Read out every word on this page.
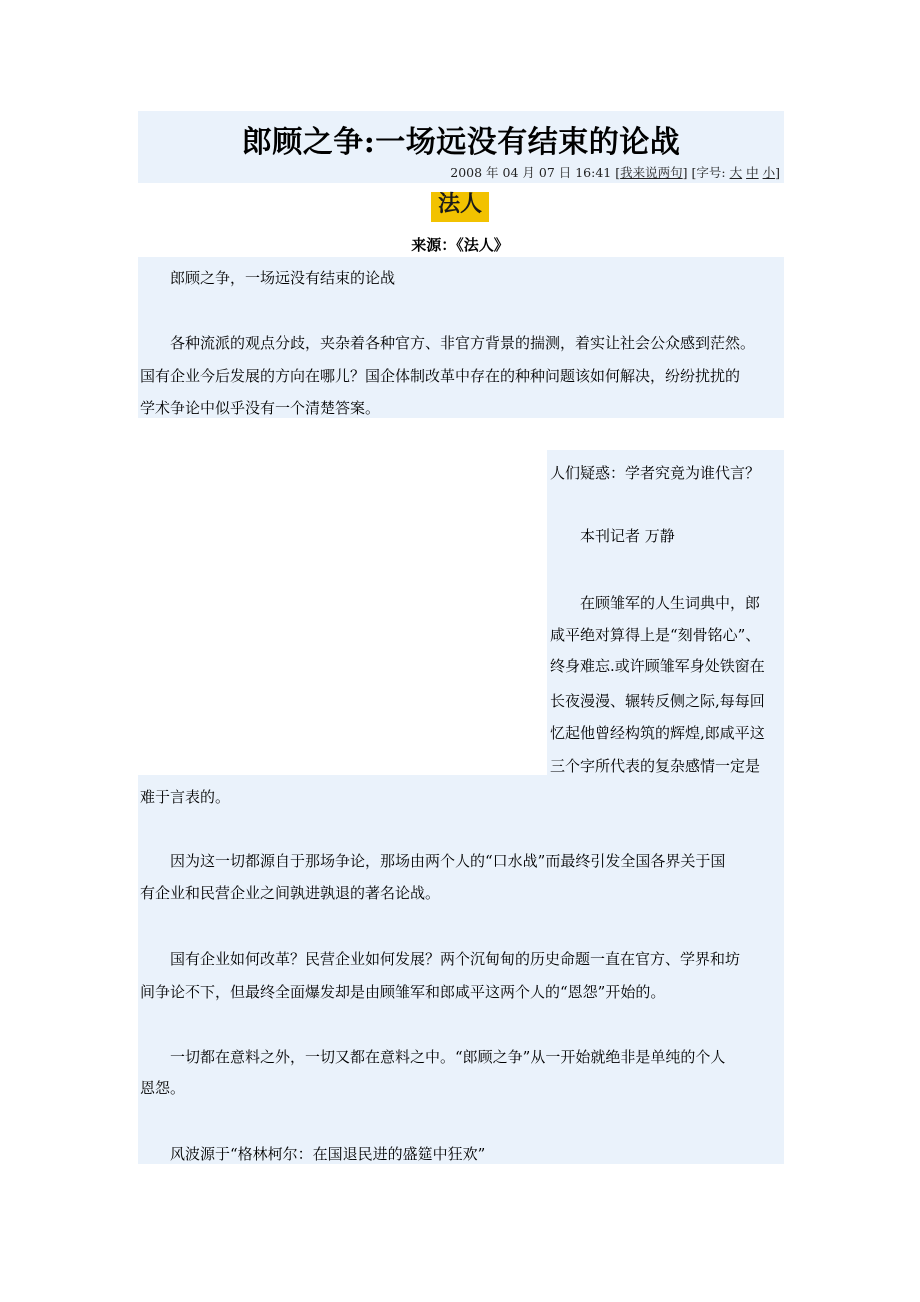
郎顾之争:一场远没有结束的论战
2008 年 04 月 07 日 16:41 [我来说两句] [字号: 大 中 小]
法人
来源：《法人》

　　郎顾之争，一场远没有结束的论战

　　各种流派的观点分歧，夹杂着各种官方、非官方背景的揣测，着实让社会公众感到茫然。

国有企业今后发展的方向在哪儿？国企体制改革中存在的种种问题该如何解决，纷纷扰扰的

学术争论中似乎没有一个清楚答案。

人们疑惑：学者究竟为谁代言？

　　本刊记者 万静

　　在顾雏军的人生词典中，郎

咸平绝对算得上是“刻骨铭心”、

终身难忘.或许顾雏军身处铁窗在

长夜漫漫、辗转反侧之际,每每回

忆起他曾经构筑的辉煌,郎咸平这

三个字所代表的复杂感情一定是

难于言表的。

　　因为这一切都源自于那场争论，那场由两个人的“口水战”而最终引发全国各界关于国

有企业和民营企业之间孰进孰退的著名论战。

　　国有企业如何改革？民营企业如何发展？两个沉甸甸的历史命题一直在官方、学界和坊

间争论不下，但最终全面爆发却是由顾雏军和郎咸平这两个人的“恩怨”开始的。

　　一切都在意料之外，一切又都在意料之中。“郎顾之争”从一开始就绝非是单纯的个人

恩怨。

　　风波源于“格林柯尔：在国退民进的盛筵中狂欢”
